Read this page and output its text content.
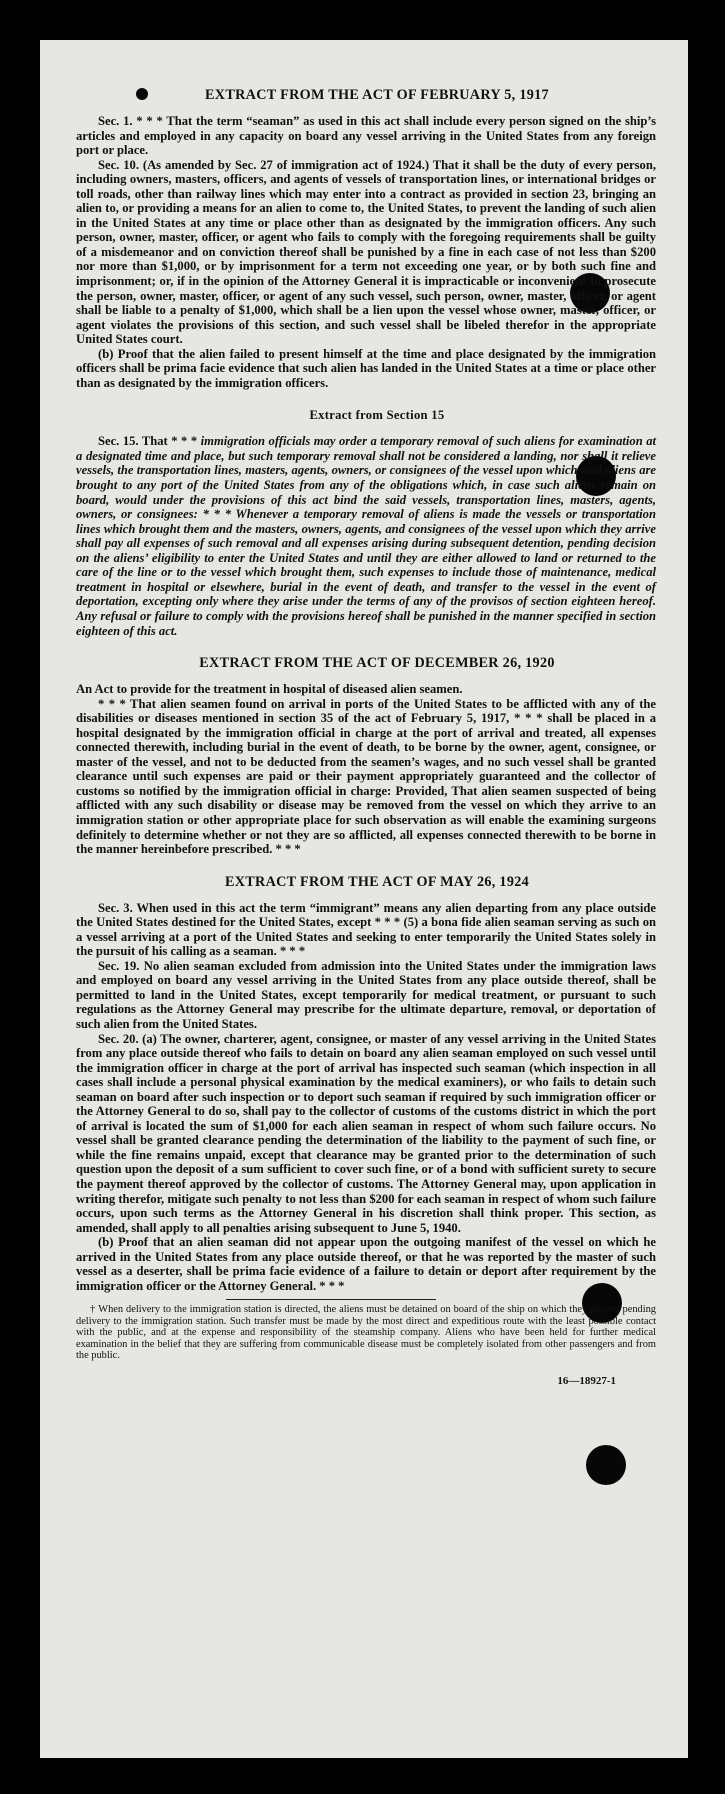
EXTRACT FROM THE ACT OF FEBRUARY 5, 1917

Sec. 1. * * * That the term “seaman” as used in this act shall include every person signed on the ship’s articles and employed in any capacity on board any vessel arriving in the United States from any foreign port or place.

Sec. 10. (As amended by Sec. 27 of immigration act of 1924.) That it shall be the duty of every person, including owners, masters, officers, and agents of vessels of transportation lines, or international bridges or toll roads, other than railway lines which may enter into a contract as provided in section 23, bringing an alien to, or providing a means for an alien to come to, the United States, to prevent the landing of such alien in the United States at any time or place other than as designated by the immigration officers. Any such person, owner, master, officer, or agent who fails to comply with the foregoing requirements shall be guilty of a misdemeanor and on conviction thereof shall be punished by a fine in each case of not less than $200 nor more than $1,000, or by imprisonment for a term not exceeding one year, or by both such fine and imprisonment; or, if in the opinion of the Attorney General it is impracticable or inconvenient to prosecute the person, owner, master, officer, or agent of any such vessel, such person, owner, master, officer, or agent shall be liable to a penalty of $1,000, which shall be a lien upon the vessel whose owner, master, officer, or agent violates the provisions of this section, and such vessel shall be libeled therefor in the appropriate United States court.

(b) Proof that the alien failed to present himself at the time and place designated by the immigration officers shall be prima facie evidence that such alien has landed in the United States at a time or place other than as designated by the immigration officers.

Extract from Section 15

Sec. 15. That * * * immigration officials may order a temporary removal of such aliens for examination at a designated time and place, but such temporary removal shall not be considered a landing, nor shall it relieve vessels, the transportation lines, masters, agents, owners, or consignees of the vessel upon which said aliens are brought to any port of the United States from any of the obligations which, in case such aliens remain on board, would under the provisions of this act bind the said vessels, transportation lines, masters, agents, owners, or consignees: * * * Whenever a temporary removal of aliens is made the vessels or transportation lines which brought them and the masters, owners, agents, and consignees of the vessel upon which they arrive shall pay all expenses of such removal and all expenses arising during subsequent detention, pending decision on the aliens’ eligibility to enter the United States and until they are either allowed to land or returned to the care of the line or to the vessel which brought them, such expenses to include those of maintenance, medical treatment in hospital or elsewhere, burial in the event of death, and transfer to the vessel in the event of deportation, excepting only where they arise under the terms of any of the provisos of section eighteen hereof. Any refusal or failure to comply with the provisions hereof shall be punished in the manner specified in section eighteen of this act.

EXTRACT FROM THE ACT OF DECEMBER 26, 1920

An Act to provide for the treatment in hospital of diseased alien seamen.

* * * That alien seamen found on arrival in ports of the United States to be afflicted with any of the disabilities or diseases mentioned in section 35 of the act of February 5, 1917, * * * shall be placed in a hospital designated by the immigration official in charge at the port of arrival and treated, all expenses connected therewith, including burial in the event of death, to be borne by the owner, agent, consignee, or master of the vessel, and not to be deducted from the seamen’s wages, and no such vessel shall be granted clearance until such expenses are paid or their payment appropriately guaranteed and the collector of customs so notified by the immigration official in charge: Provided, That alien seamen suspected of being afflicted with any such disability or disease may be removed from the vessel on which they arrive to an immigration station or other appropriate place for such observation as will enable the examining surgeons definitely to determine whether or not they are so afflicted, all expenses connected therewith to be borne in the manner hereinbefore prescribed. * * *

EXTRACT FROM THE ACT OF MAY 26, 1924

Sec. 3. When used in this act the term “immigrant” means any alien departing from any place outside the United States destined for the United States, except * * * (5) a bona fide alien seaman serving as such on a vessel arriving at a port of the United States and seeking to enter temporarily the United States solely in the pursuit of his calling as a seaman. * * *

Sec. 19. No alien seaman excluded from admission into the United States under the immigration laws and employed on board any vessel arriving in the United States from any place outside thereof, shall be permitted to land in the United States, except temporarily for medical treatment, or pursuant to such regulations as the Attorney General may prescribe for the ultimate departure, removal, or deportation of such alien from the United States.

Sec. 20. (a) The owner, charterer, agent, consignee, or master of any vessel arriving in the United States from any place outside thereof who fails to detain on board any alien seaman employed on such vessel until the immigration officer in charge at the port of arrival has inspected such seaman (which inspection in all cases shall include a personal physical examination by the medical examiners), or who fails to detain such seaman on board after such inspection or to deport such seaman if required by such immigration officer or the Attorney General to do so, shall pay to the collector of customs of the customs district in which the port of arrival is located the sum of $1,000 for each alien seaman in respect of whom such failure occurs. No vessel shall be granted clearance pending the determination of the liability to the payment of such fine, or while the fine remains unpaid, except that clearance may be granted prior to the determination of such question upon the deposit of a sum sufficient to cover such fine, or of a bond with sufficient surety to secure the payment thereof approved by the collector of customs. The Attorney General may, upon application in writing therefor, mitigate such penalty to not less than $200 for each seaman in respect of whom such failure occurs, upon such terms as the Attorney General in his discretion shall think proper. This section, as amended, shall apply to all penalties arising subsequent to June 5, 1940.

(b) Proof that an alien seaman did not appear upon the outgoing manifest of the vessel on which he arrived in the United States from any place outside thereof, or that he was reported by the master of such vessel as a deserter, shall be prima facie evidence of a failure to detain or deport after requirement by the immigration officer or the Attorney General. * * *

† When delivery to the immigration station is directed, the aliens must be detained on board of the ship on which they arrived pending delivery to the immigration station. Such transfer must be made by the most direct and expeditious route with the least possible contact with the public, and at the expense and responsibility of the steamship company. Aliens who have been held for further medical examination in the belief that they are suffering from communicable disease must be completely isolated from other passengers and from the public.

16—18927-1
